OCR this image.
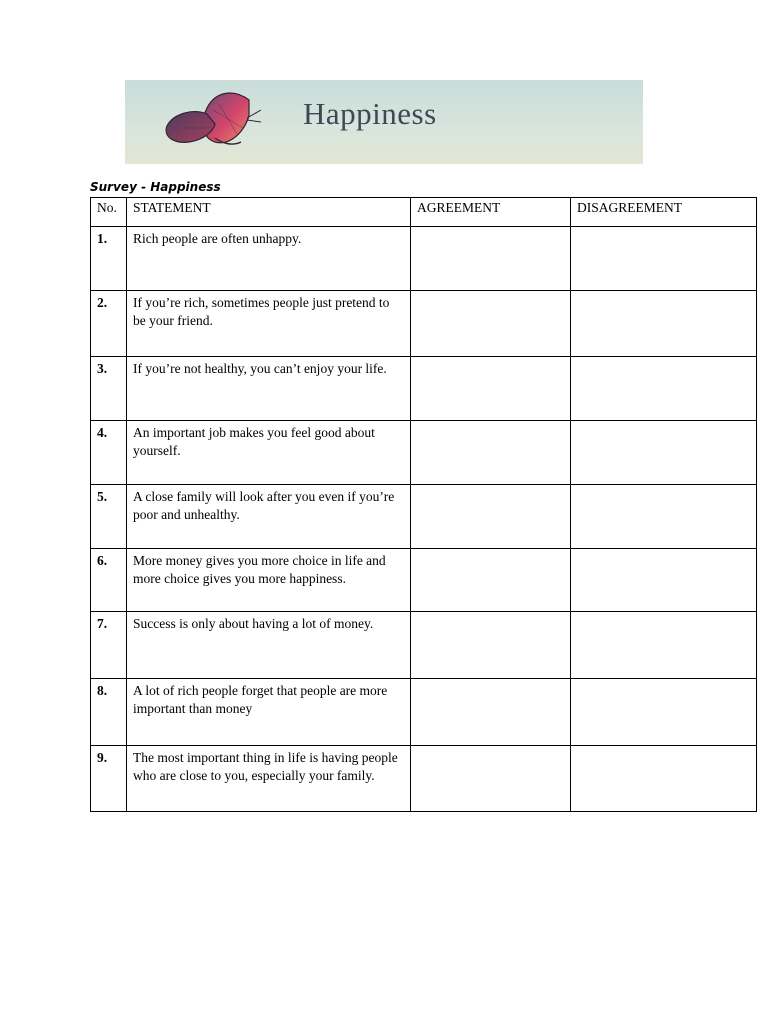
Happiness
Survey - Happiness
No.	STATEMENT	AGREEMENT	DISAGREEMENT
1.	Rich people are often unhappy.		
2.	If you’re rich, sometimes people just pretend to be your friend.		
3.	If you’re not healthy, you can’t enjoy your life.		
4.	An important job makes you feel good about yourself.		
5.	A close family will look after you even if you’re poor and unhealthy.		
6.	More money gives you more choice in life and more choice gives you more happiness.		
7.	Success is only about having a lot of money.		
8.	A lot of rich people forget that people are more important than money		
9.	The most important thing in life is having people who are close to you, especially your family.		
